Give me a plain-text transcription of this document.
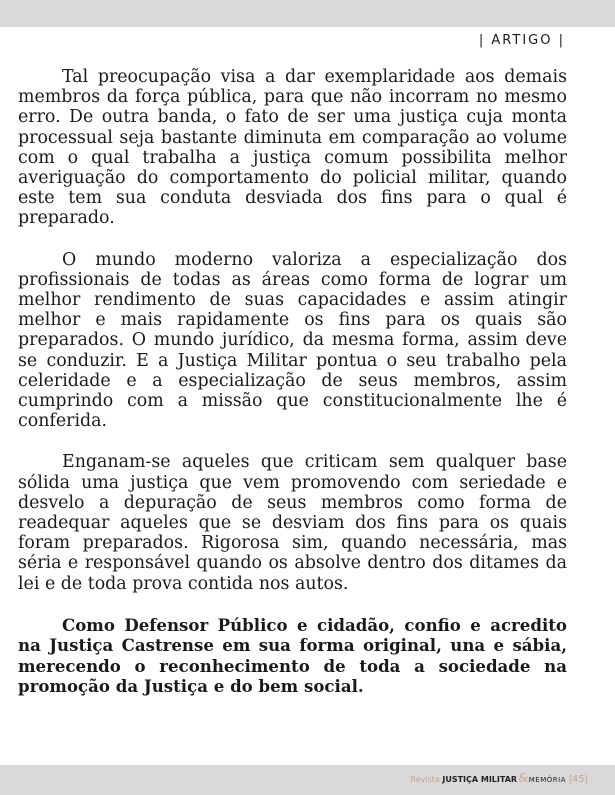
| ARTIGO |

Tal preocupação visa a dar exemplaridade aos demais membros da força pública, para que não incorram no mesmo erro. De outra banda, o fato de ser uma justiça cuja monta processual seja bastante diminuta em comparação ao volume com o qual trabalha a justiça comum possibilita melhor averiguação do comportamento do policial militar, quando este tem sua conduta desviada dos fins para o qual é preparado.

O mundo moderno valoriza a especialização dos profissionais de todas as áreas como forma de lograr um melhor rendimento de suas capacidades e assim atingir melhor e mais rapidamente os fins para os quais são preparados. O mundo jurídico, da mesma forma, assim deve se conduzir. E a Justiça Militar pontua o seu trabalho pela celeridade e a especialização de seus membros, assim cumprindo com a missão que constitucionalmente lhe é conferida.

Enganam-se aqueles que criticam sem qualquer base sólida uma justiça que vem promovendo com seriedade e desvelo a depuração de seus membros como forma de readequar aqueles que se desviam dos fins para os quais foram preparados. Rigorosa sim, quando necessária, mas séria e responsável quando os absolve dentro dos ditames da lei e de toda prova contida nos autos.

Como Defensor Público e cidadão, confio e acredito na Justiça Castrense em sua forma original, una e sábia, merecendo o reconhecimento de toda a sociedade na promoção da Justiça e do bem social.

Revista JUSTIÇA MILITAR&MEMÓRIA |45|
